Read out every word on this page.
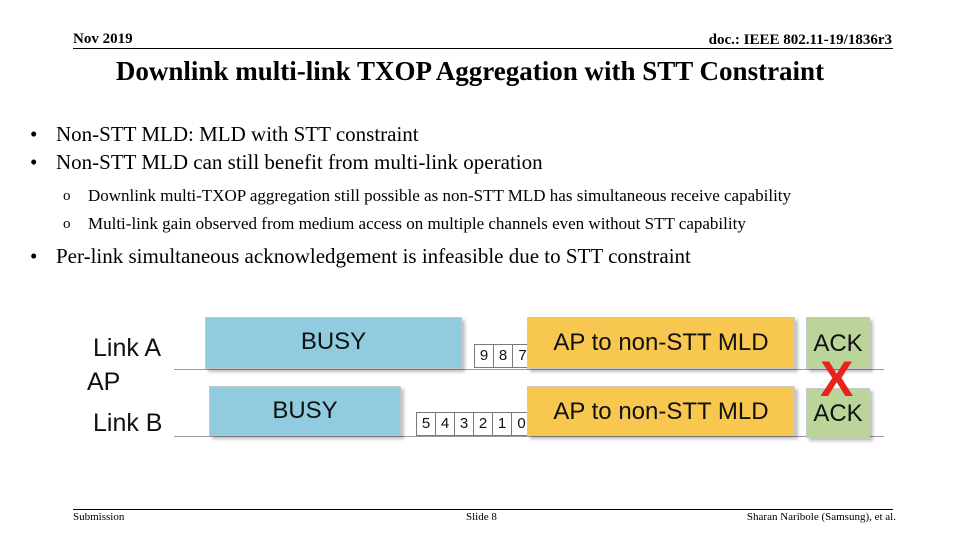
Nov 2019	doc.: IEEE 802.11-19/1836r3
Downlink multi-link TXOP Aggregation with STT Constraint
• Non-STT MLD: MLD with STT constraint
• Non-STT MLD can still benefit from multi-link operation
o	Downlink multi-TXOP aggregation still possible as non-STT MLD has simultaneous receive capability
o	Multi-link gain observed from medium access on multiple channels even without STT capability
• Per-link simultaneous acknowledgement is infeasible due to STT constraint
Link A
AP
Link B
BUSY
9 8 7	AP to non-STT MLD	ACK
BUSY	5 4 3 2 1 0	AP to non-STT MLD	ACK
X
Submission	Slide 8	Sharan Naribole (Samsung), et al.
